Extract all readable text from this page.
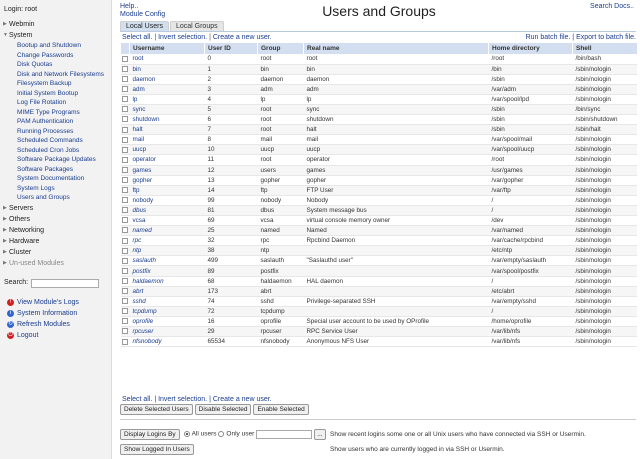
Login: root
▶ Webmin
▼ System
Bootup and Shutdown
Change Passwords
Disk Quotas
Disk and Network Filesystems
Filesystem Backup
Initial System Bootup
Log File Rotation
MIME Type Programs
PAM Authentication
Running Processes
Scheduled Commands
Scheduled Cron Jobs
Software Package Updates
Software Packages
System Documentation
System Logs
Users and Groups
▶ Servers
▶ Others
▶ Networking
▶ Hardware
▶ Cluster
▶ Un-used Modules
Search:
! View Module's Logs
i System Information
↻ Refresh Modules
⏻ Logout
Help..
Module Config	Users and Groups	Search Docs..
Local Users Local Groups
Select all. | Invert selection. | Create a new user.	Run batch file. | Export to batch file.
	Username	User ID	Group	Real name	Home directory	Shell
	root	0	root	root	/root	/bin/bash
	bin	1	bin	bin	/bin	/sbin/nologin
	daemon	2	daemon	daemon	/sbin	/sbin/nologin
	adm	3	adm	adm	/var/adm	/sbin/nologin
	lp	4	lp	lp	/var/spool/lpd	/sbin/nologin
	sync	5	root	sync	/sbin	/bin/sync
	shutdown	6	root	shutdown	/sbin	/sbin/shutdown
	halt	7	root	halt	/sbin	/sbin/halt
	mail	8	mail	mail	/var/spool/mail	/sbin/nologin
	uucp	10	uucp	uucp	/var/spool/uucp	/sbin/nologin
	operator	11	root	operator	/root	/sbin/nologin
	games	12	users	games	/usr/games	/sbin/nologin
	gopher	13	gopher	gopher	/var/gopher	/sbin/nologin
	ftp	14	ftp	FTP User	/var/ftp	/sbin/nologin
	nobody	99	nobody	Nobody	/	/sbin/nologin
	dbus	81	dbus	System message bus	/	/sbin/nologin
	vcsa	69	vcsa	virtual console memory owner	/dev	/sbin/nologin
	named	25	named	Named	/var/named	/sbin/nologin
	rpc	32	rpc	Rpcbind Daemon	/var/cache/rpcbind	/sbin/nologin
	ntp	38	ntp		/etc/ntp	/sbin/nologin
	saslauth	499	saslauth	"Saslauthd user"	/var/empty/saslauth	/sbin/nologin
	postfix	89	postfix		/var/spool/postfix	/sbin/nologin
	haldaemon	68	haldaemon	HAL daemon	/	/sbin/nologin
	abrt	173	abrt		/etc/abrt	/sbin/nologin
	sshd	74	sshd	Privilege-separated SSH	/var/empty/sshd	/sbin/nologin
	tcpdump	72	tcpdump		/	/sbin/nologin
	oprofile	16	oprofile	Special user account to be used by OProfile	/home/oprofile	/sbin/nologin
	rpcuser	29	rpcuser	RPC Service User	/var/lib/nfs	/sbin/nologin
	nfsnobody	65534	nfsnobody	Anonymous NFS User	/var/lib/nfs	/sbin/nologin
Select all. | Invert selection. | Create a new user.
Delete Selected Users Disable Selected Enable Selected
Display Logins By All users Only user	... Show recent logins some one or all Unix users who have connected via SSH or Usermin.
Show Logged In Users	Show users who are currently logged in via SSH or Usermin.
